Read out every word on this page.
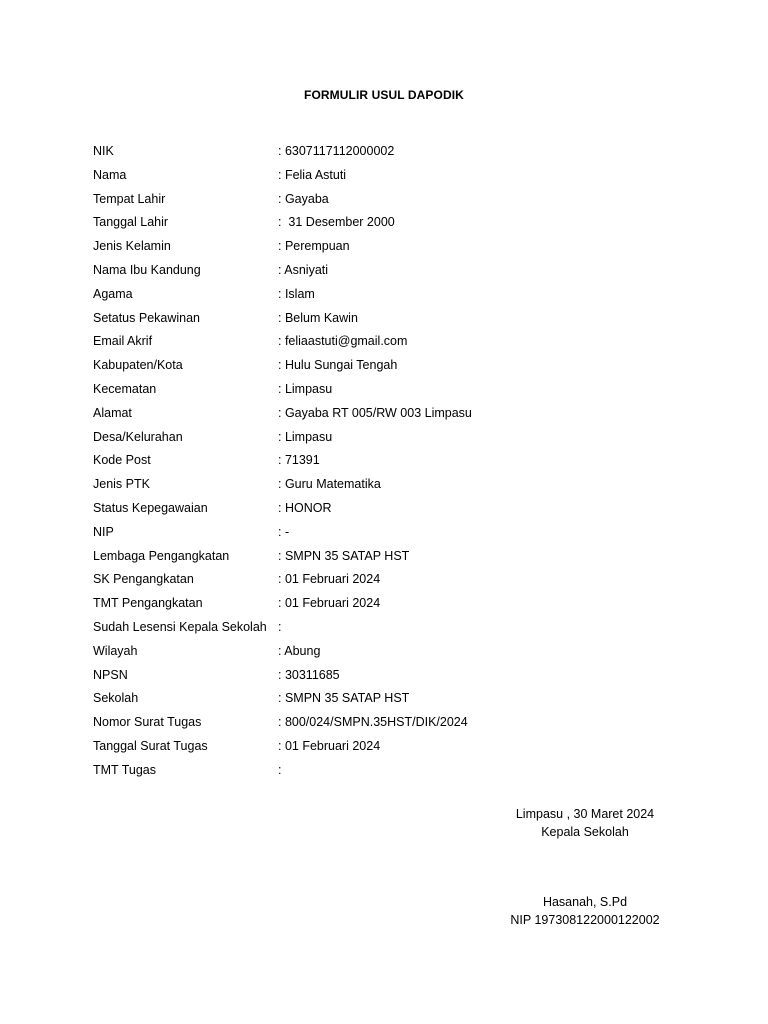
FORMULIR USUL DAPODIK
NIK	: 6307117112000002
Nama	: Felia Astuti
Tempat Lahir	: Gayaba
Tanggal Lahir	:  31 Desember 2000
Jenis Kelamin	: Perempuan
Nama Ibu Kandung	: Asniyati
Agama	: Islam
Setatus Pekawinan	: Belum Kawin
Email Akrif	: feliaastuti@gmail.com
Kabupaten/Kota	: Hulu Sungai Tengah
Kecematan	: Limpasu
Alamat	: Gayaba RT 005/RW 003 Limpasu
Desa/Kelurahan	: Limpasu
Kode Post	: 71391
Jenis PTK	: Guru Matematika
Status Kepegawaian	: HONOR
NIP	: -
Lembaga Pengangkatan	: SMPN 35 SATAP HST
SK Pengangkatan	: 01 Februari 2024
TMT Pengangkatan	: 01 Februari 2024
Sudah Lesensi Kepala Sekolah :
Wilayah	: Abung
NPSN	: 30311685
Sekolah	: SMPN 35 SATAP HST
Nomor Surat Tugas	: 800/024/SMPN.35HST/DIK/2024
Tanggal Surat Tugas	: 01 Februari 2024
TMT Tugas	:
Limpasu , 30 Maret 2024
Kepala Sekolah
Hasanah, S.Pd
NIP 197308122000122002
